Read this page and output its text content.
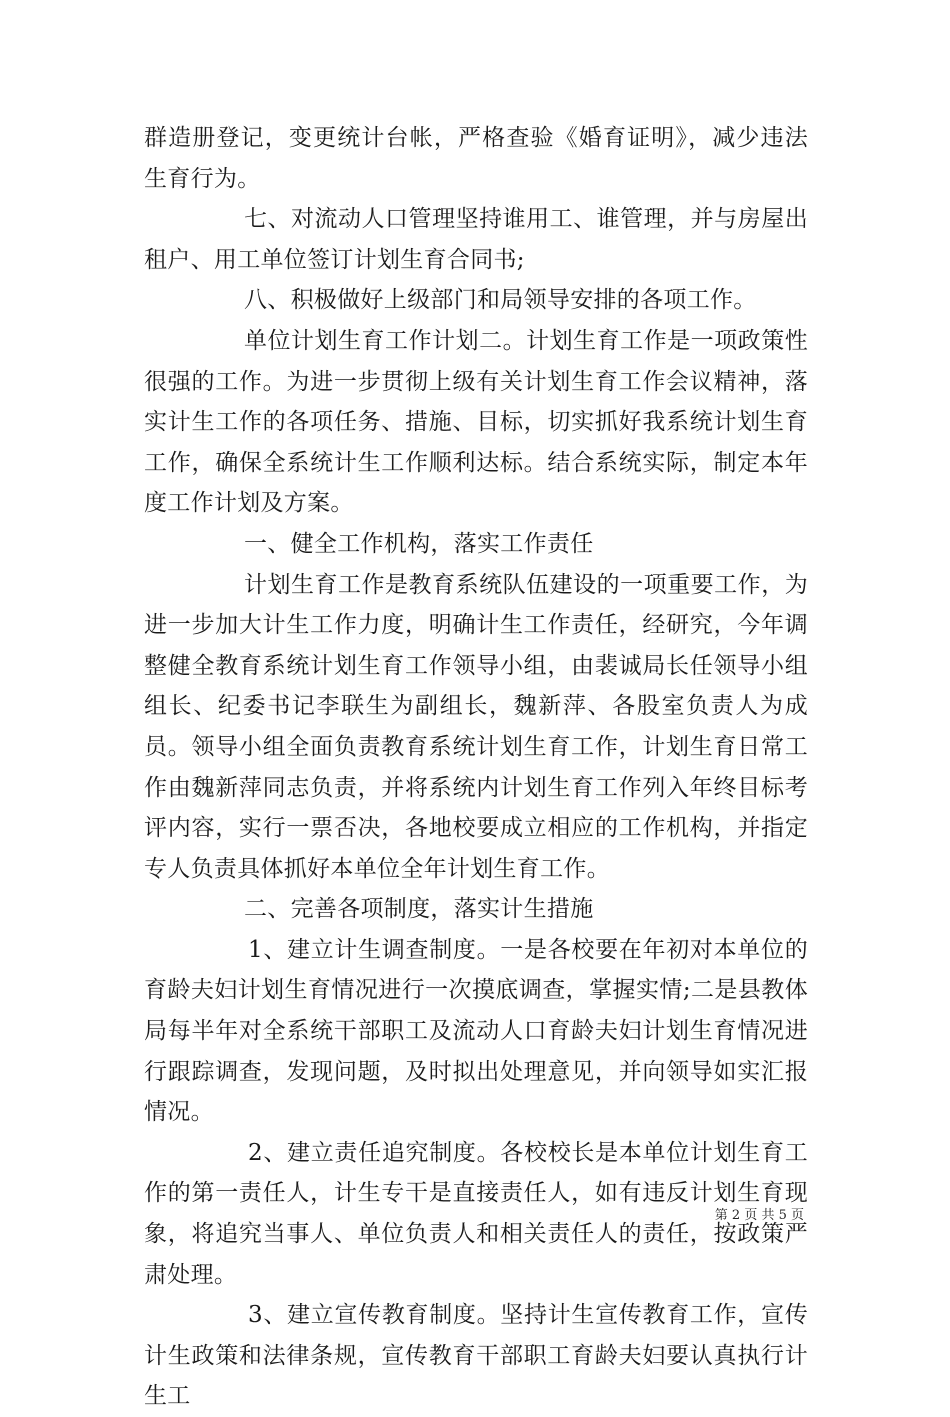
群造册登记，变更统计台帐，严格查验《婚育证明》，减少违法生育行为。

七、对流动人口管理坚持谁用工、谁管理，并与房屋出租户、用工单位签订计划生育合同书;

八、积极做好上级部门和局领导安排的各项工作。

单位计划生育工作计划二。计划生育工作是一项政策性很强的工作。为进一步贯彻上级有关计划生育工作会议精神，落实计生工作的各项任务、措施、目标，切实抓好我系统计划生育工作，确保全系统计生工作顺利达标。结合系统实际，制定本年度工作计划及方案。

一、健全工作机构，落实工作责任

计划生育工作是教育系统队伍建设的一项重要工作，为进一步加大计生工作力度，明确计生工作责任，经研究，今年调整健全教育系统计划生育工作领导小组，由裴诚局长任领导小组组长、纪委书记李联生为副组长，魏新萍、各股室负责人为成员。领导小组全面负责教育系统计划生育工作，计划生育日常工作由魏新萍同志负责，并将系统内计划生育工作列入年终目标考评内容，实行一票否决，各地校要成立相应的工作机构，并指定专人负责具体抓好本单位全年计划生育工作。

二、完善各项制度，落实计生措施

1、建立计生调查制度。一是各校要在年初对本单位的育龄夫妇计划生育情况进行一次摸底调查，掌握实情;二是县教体局每半年对全系统干部职工及流动人口育龄夫妇计划生育情况进行跟踪调查，发现问题，及时拟出处理意见，并向领导如实汇报情况。

2、建立责任追究制度。各校校长是本单位计划生育工作的第一责任人，计生专干是直接责任人，如有违反计划生育现象，将追究当事人、单位负责人和相关责任人的责任，按政策严肃处理。

3、建立宣传教育制度。坚持计生宣传教育工作，宣传计生政策和法律条规，宣传教育干部职工育龄夫妇要认真执行计生工

第 2 页 共 5 页
